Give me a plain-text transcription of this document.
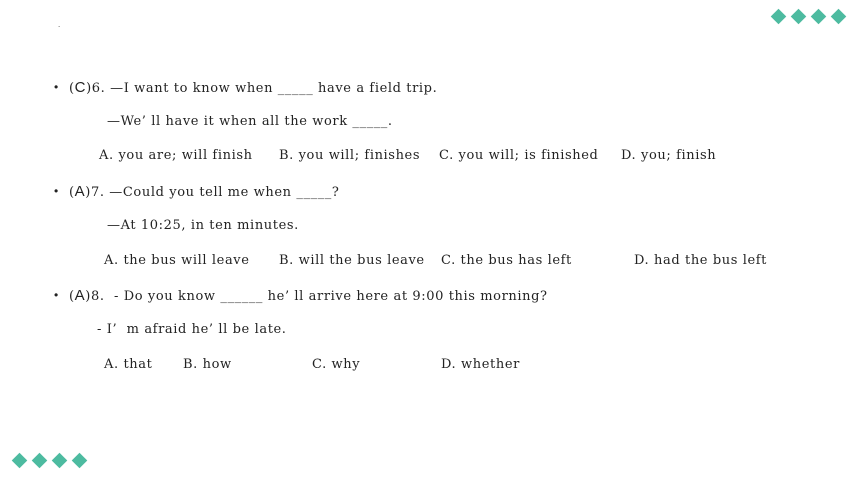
.
• (C)6. —I want to know when _____ have a field trip.
—We’ ll have it when all the work _____.
A. you are; will finish B. you will; finishes C. you will; is finished D. you; finish
• (A)7. —Could you tell me when _____?
—At 10:25, in ten minutes.
A. the bus will leave B. will the bus leave C. the bus has left	D. had the bus left
• (A)8.  - Do you know ______ he’ ll arrive here at 9:00 this morning?
- I’  m afraid he’ ll be late.
A. that B. how	C. why	D. whether
